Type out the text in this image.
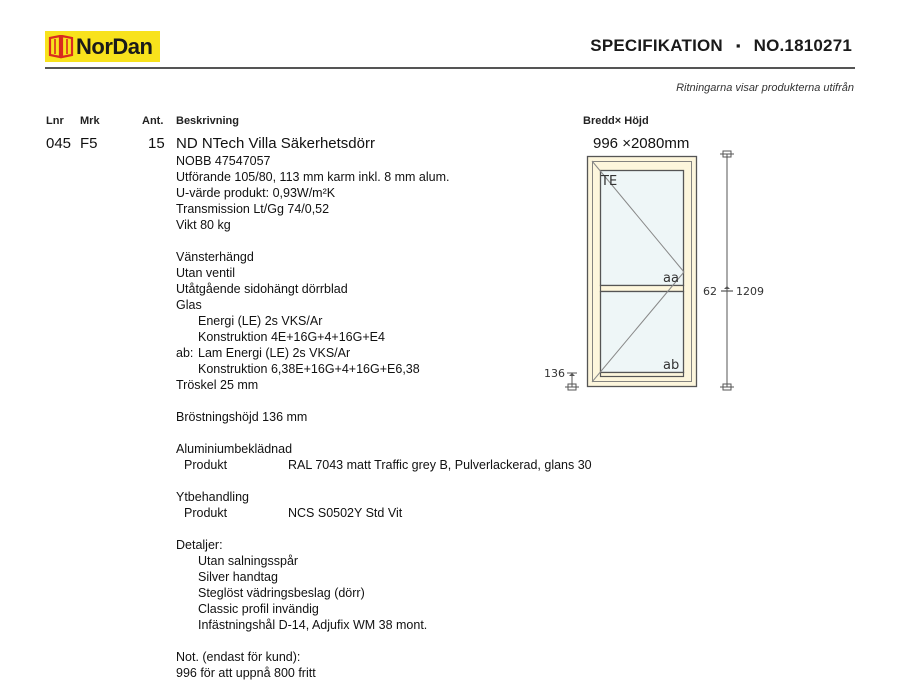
NorDan	SPECIFIKATION ▪ NO.1810271
Ritningarna visar produkterna utifrån
Lnr Mrk	Ant. Beskrivning	Bredd× Höjd
045 F5	15 ND NTech Villa Säkerhetsdörr	996 ×2080mm
NOBB 47547057
Utförande 105/80, 113 mm karm inkl. 8 mm alum.
U-värde produkt: 0,93W/m²K
Transmission Lt/Gg 74/0,52
Vikt 80 kg
Vänsterhängd
Utan ventil
Utåtgående sidohängt dörrblad
Glas
Energi (LE) 2s VKS/Ar
Konstruktion 4E+16G+4+16G+E4
ab: Lam Energi (LE) 2s VKS/Ar
Konstruktion 6,38E+16G+4+16G+E6,38
Tröskel 25 mm
Bröstningshöjd 136 mm
Aluminiumbeklädnad
Produkt	RAL 7043 matt Traffic grey B, Pulverlackerad, glans 30
Ytbehandling
Produkt	NCS S0502Y Std Vit
Detaljer:
Utan salningsspår
Silver handtag
Steglöst vädringsbeslag (dörr)
Classic profil invändig
Infästningshål D-14, Adjufix WM 38 mont.
Not. (endast för kund):
996 för att uppnå 800 fritt
TE
aa
ab
62 1209
136
